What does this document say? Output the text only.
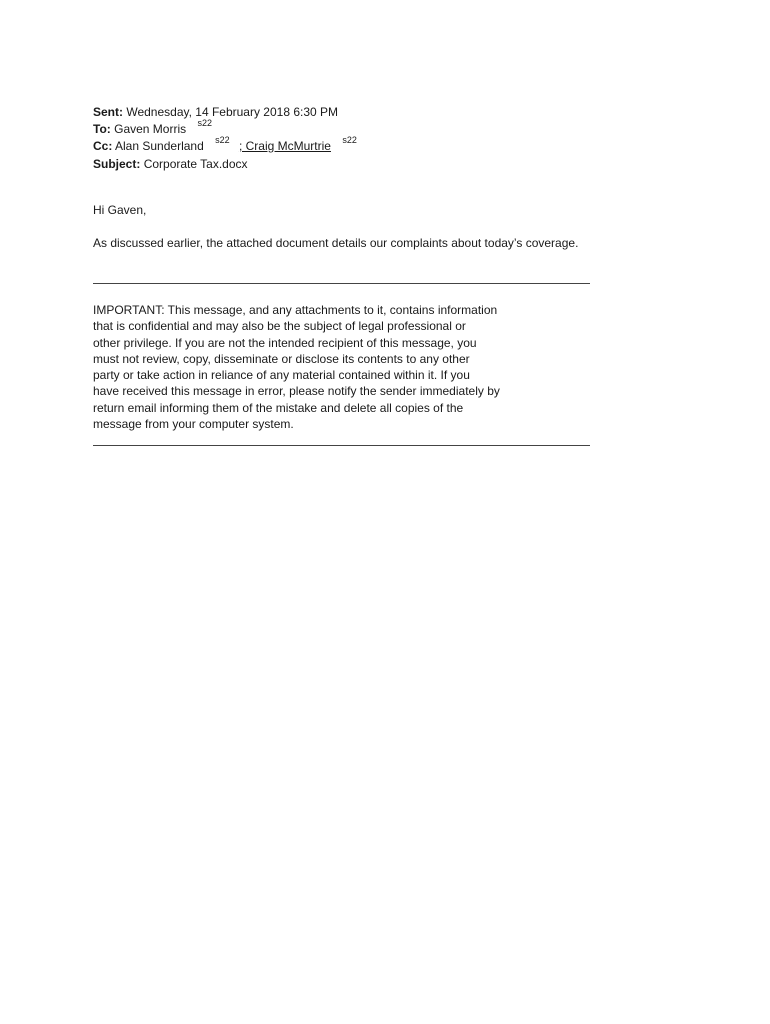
Sent: Wednesday, 14 February 2018 6:30 PM
To: Gaven Morris $^{s22}$
Cc: Alan Sunderland $^{s22}$ ; Craig McMurtrie $^{s22}$
Subject: Corporate Tax.docx
Hi Gaven,
As discussed earlier, the attached document details our complaints about today’s coverage.
IMPORTANT: This message, and any attachments to it, contains information
that is confidential and may also be the subject of legal professional or
other privilege. If you are not the intended recipient of this message, you
must not review, copy, disseminate or disclose its contents to any other
party or take action in reliance of any material contained within it. If you
have received this message in error, please notify the sender immediately by
return email informing them of the mistake and delete all copies of the
message from your computer system.
